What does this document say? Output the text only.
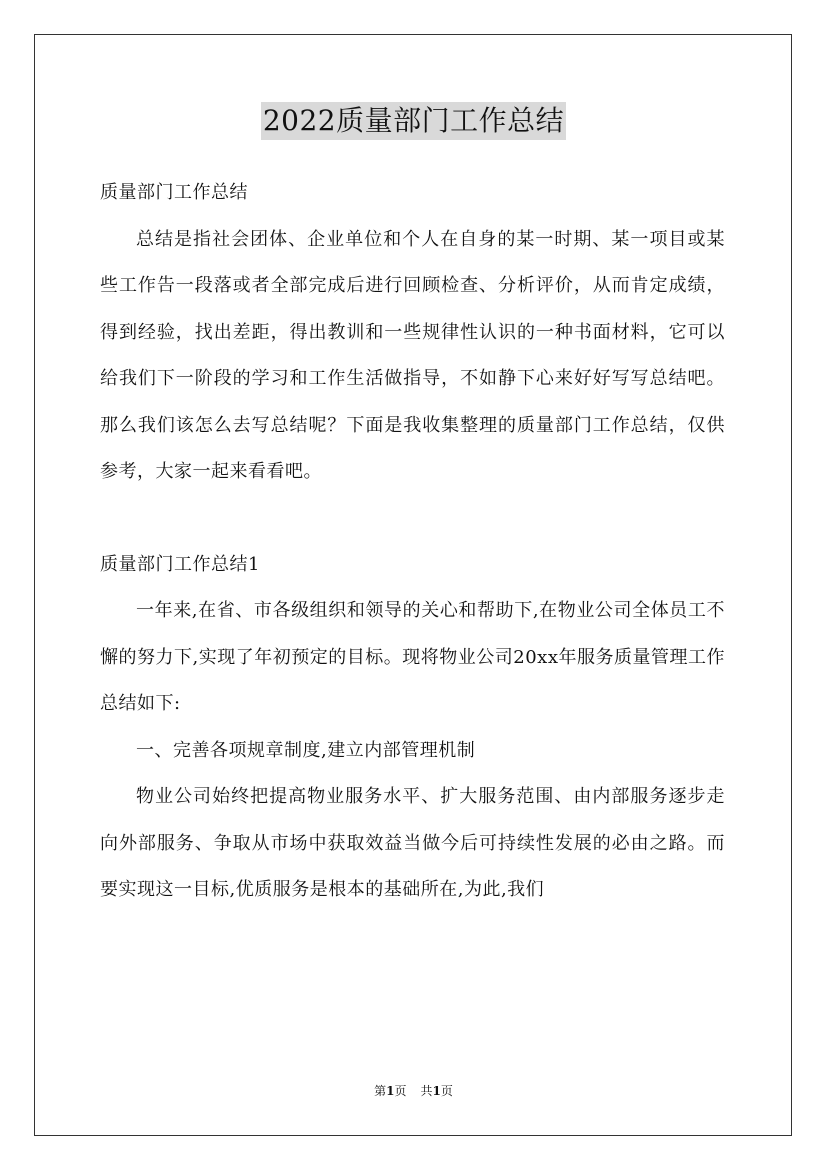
2022质量部门工作总结

质量部门工作总结

总结是指社会团体、企业单位和个人在自身的某一时期、某一项目或某些工作告一段落或者全部完成后进行回顾检查、分析评价，从而肯定成绩，得到经验，找出差距，得出教训和一些规律性认识的一种书面材料，它可以给我们下一阶段的学习和工作生活做指导，不如静下心来好好写写总结吧。那么我们该怎么去写总结呢？下面是我收集整理的质量部门工作总结，仅供参考，大家一起来看看吧。

质量部门工作总结1

一年来,在省、市各级组织和领导的关心和帮助下,在物业公司全体员工不懈的努力下,实现了年初预定的目标。现将物业公司20xx年服务质量管理工作总结如下:

一、完善各项规章制度,建立内部管理机制

物业公司始终把提高物业服务水平、扩大服务范围、由内部服务逐步走向外部服务、争取从市场中获取效益当做今后可持续性发展的必由之路。而要实现这一目标,优质服务是根本的基础所在,为此,我们

第1页 共1页
